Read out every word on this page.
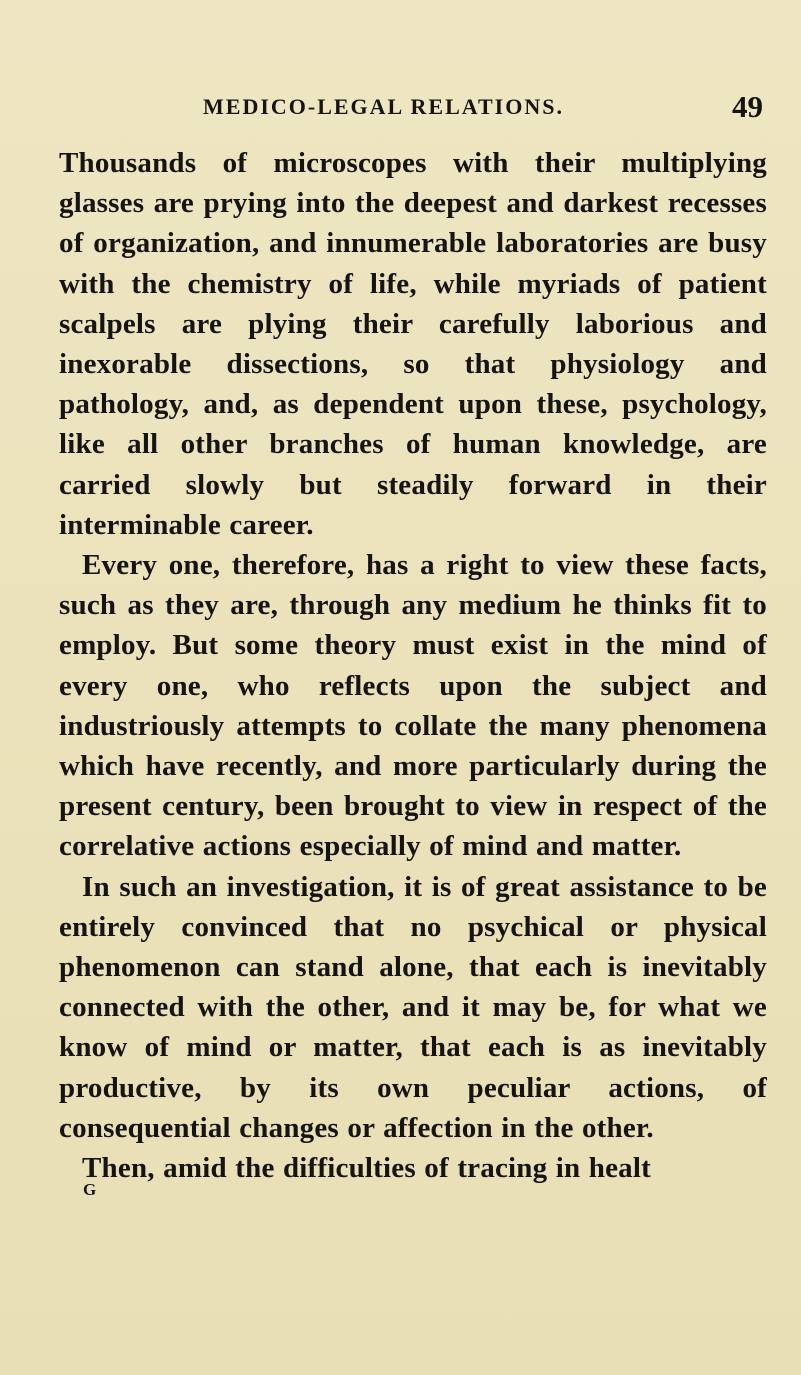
MEDICO-LEGAL RELATIONS.	49

Thousands of microscopes with their multiplying glasses are prying into the deepest and darkest recesses of organization, and innumerable laboratories are busy with the chemistry of life, while myriads of patient scalpels are plying their carefully laborious and inexorable dissections, so that physiology and pathology, and, as dependent upon these, psychology, like all other branches of human knowledge, are carried slowly but steadily forward in their interminable career.

Every one, therefore, has a right to view these facts, such as they are, through any medium he thinks fit to employ. But some theory must exist in the mind of every one, who reflects upon the subject and industriously attempts to collate the many phenomena which have recently, and more particularly during the present century, been brought to view in respect of the correlative actions especially of mind and matter.

In such an investigation, it is of great assistance to be entirely convinced that no psychical or physical phenomenon can stand alone, that each is inevitably connected with the other, and it may be, for what we know of mind or matter, that each is as inevitably productive, by its own peculiar actions, of consequential changes or affection in the other.

Then, amid the difficulties of tracing in healt

G
